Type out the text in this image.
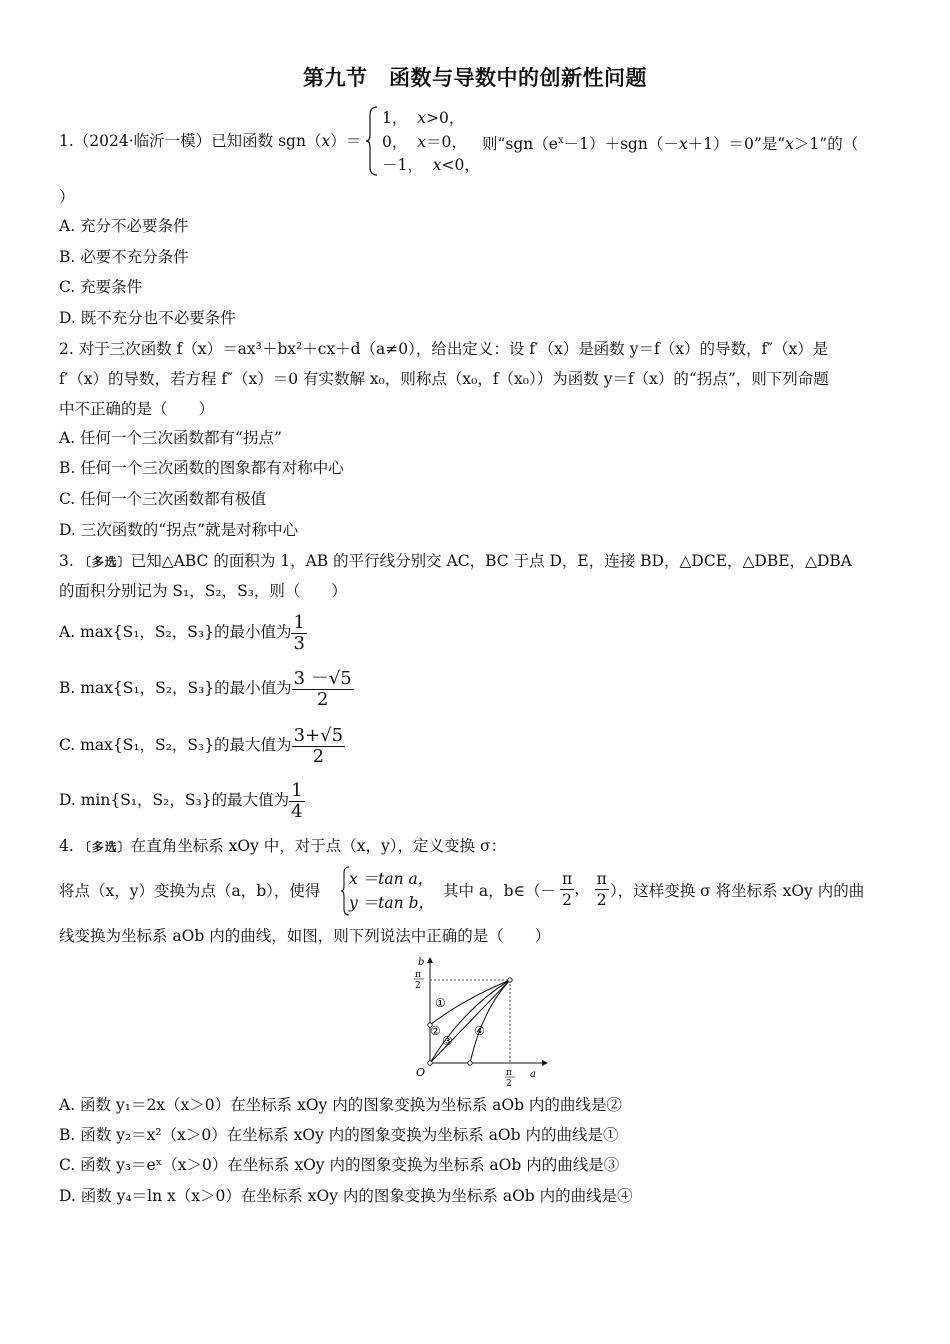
第九节　函数与导数中的创新性问题
1.（2024·临沂一模）已知函数 sgn（x）＝
1， x>0，
0， x＝0，
－1， x<0，
则“$sgn(e^x-1)+sgn(-x+1)=0$”是“x＞1”的（
）
A. 充分不必要条件
B. 必要不充分条件
C. 充要条件
D. 既不充分也不必要条件
2. 对于三次函数 f（x）＝ax³＋bx²＋cx＋d（a≠0），给出定义：设 f′（x）是函数 y＝f（x）的导数，f″（x）是
f′（x）的导数，若方程 f″（x）＝0 有实数解 x₀，则称点（x₀，f（x₀））为函数 y＝f（x）的“拐点”，则下列命题
中不正确的是（　　）
A. 任何一个三次函数都有“拐点”
B. 任何一个三次函数的图象都有对称中心
C. 任何一个三次函数都有极值
D. 三次函数的“拐点”就是对称中心
3. 〔多选〕已知△ABC 的面积为 1，AB 的平行线分别交 AC，BC 于点 D，E，连接 BD，△DCE，△DBE，△DBA
的面积分别记为 S₁，S₂，S₃，则（　　）
A. max{S₁，S₂，S₃}的最小值为 $\frac{1}{3}$
B. max{S₁，S₂，S₃}的最小值为 $\frac{3 -√5}{2}$
C. max{S₁，S₂，S₃}的最大值为 $\frac{3+√5}{2}$
D. min{S₁，S₂，S₃}的最大值为 $\frac{1}{4}$
4. 〔多选〕在直角坐标系 xOy 中，对于点（x，y），定义变换 σ：
将点（x，y）变换为点（a，b），使得
x ＝tan a，
y ＝tan b，
其中 a，b∈（－ $\frac{\pi}{2}$ ， $\frac{\pi}{2}$ ），这样变换 σ 将坐标系 xOy 内的曲
线变换为坐标系 aOb 内的曲线，如图，则下列说法中正确的是（　　）
b
a
O
π
2
π
2
①
②
③
④
A. 函数 y₁＝2x（x＞0）在坐标系 xOy 内的图象变换为坐标系 aOb 内的曲线是②
B. 函数 y₂＝x²（x＞0）在坐标系 xOy 内的图象变换为坐标系 aOb 内的曲线是①
C. 函数 y₃＝eˣ（x＞0）在坐标系 xOy 内的图象变换为坐标系 aOb 内的曲线是③
D. 函数 y₄＝ln x（x＞0）在坐标系 xOy 内的图象变换为坐标系 aOb 内的曲线是④
